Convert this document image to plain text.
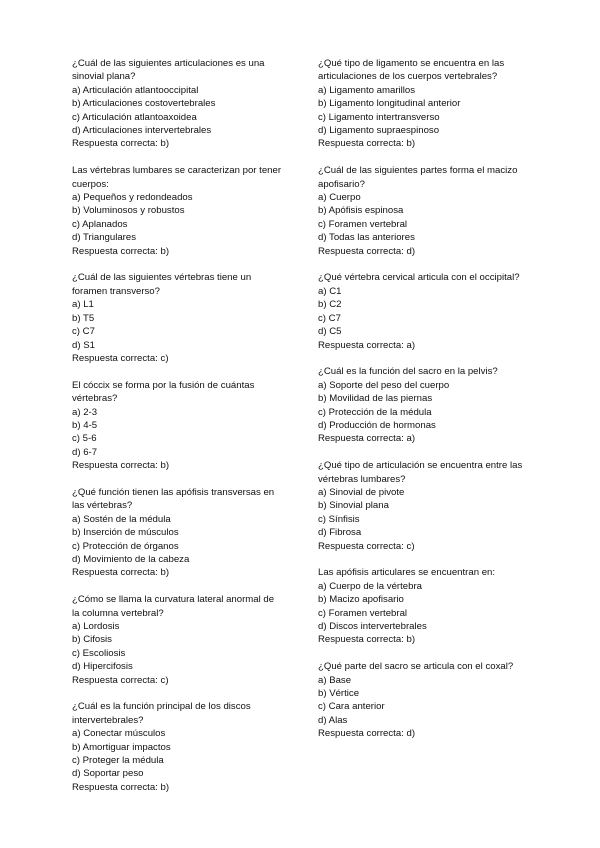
¿Cuál de las siguientes articulaciones es una sinovial plana?
a) Articulación atlantooccipital
b) Articulaciones costovertebrales
c) Articulación atlantoaxoidea
d) Articulaciones intervertebrales
Respuesta correcta: b)
Las vértebras lumbares se caracterizan por tener cuerpos:
a) Pequeños y redondeados
b) Voluminosos y robustos
c) Aplanados
d) Triangulares
Respuesta correcta: b)
¿Cuál de las siguientes vértebras tiene un foramen transverso?
a) L1
b) T5
c) C7
d) S1
Respuesta correcta: c)
El cóccix se forma por la fusión de cuántas vértebras?
a) 2-3
b) 4-5
c) 5-6
d) 6-7
Respuesta correcta: b)
¿Qué función tienen las apófisis transversas en las vértebras?
a) Sostén de la médula
b) Inserción de músculos
c) Protección de órganos
d) Movimiento de la cabeza
Respuesta correcta: b)
¿Cómo se llama la curvatura lateral anormal de la columna vertebral?
a) Lordosis
b) Cifosis
c) Escoliosis
d) Hipercifosis
Respuesta correcta: c)
¿Cuál es la función principal de los discos intervertebrales?
a) Conectar músculos
b) Amortiguar impactos
c) Proteger la médula
d) Soportar peso
Respuesta correcta: b)
¿Qué tipo de ligamento se encuentra en las articulaciones de los cuerpos vertebrales?
a) Ligamento amarillos
b) Ligamento longitudinal anterior
c) Ligamento intertransverso
d) Ligamento supraespinoso
Respuesta correcta: b)
¿Cuál de las siguientes partes forma el macizo apofisario?
a) Cuerpo
b) Apófisis espinosa
c) Foramen vertebral
d) Todas las anteriores
Respuesta correcta: d)
¿Qué vértebra cervical articula con el occipital?
a) C1
b) C2
c) C7
d) C5
Respuesta correcta: a)
¿Cuál es la función del sacro en la pelvis?
a) Soporte del peso del cuerpo
b) Movilidad de las piernas
c) Protección de la médula
d) Producción de hormonas
Respuesta correcta: a)
¿Qué tipo de articulación se encuentra entre las vértebras lumbares?
a) Sinovial de pivote
b) Sinovial plana
c) Sínfisis
d) Fibrosa
Respuesta correcta: c)
Las apófisis articulares se encuentran en:
a) Cuerpo de la vértebra
b) Macizo apofisario
c) Foramen vertebral
d) Discos intervertebrales
Respuesta correcta: b)
¿Qué parte del sacro se articula con el coxal?
a) Base
b) Vértice
c) Cara anterior
d) Alas
Respuesta correcta: d)
